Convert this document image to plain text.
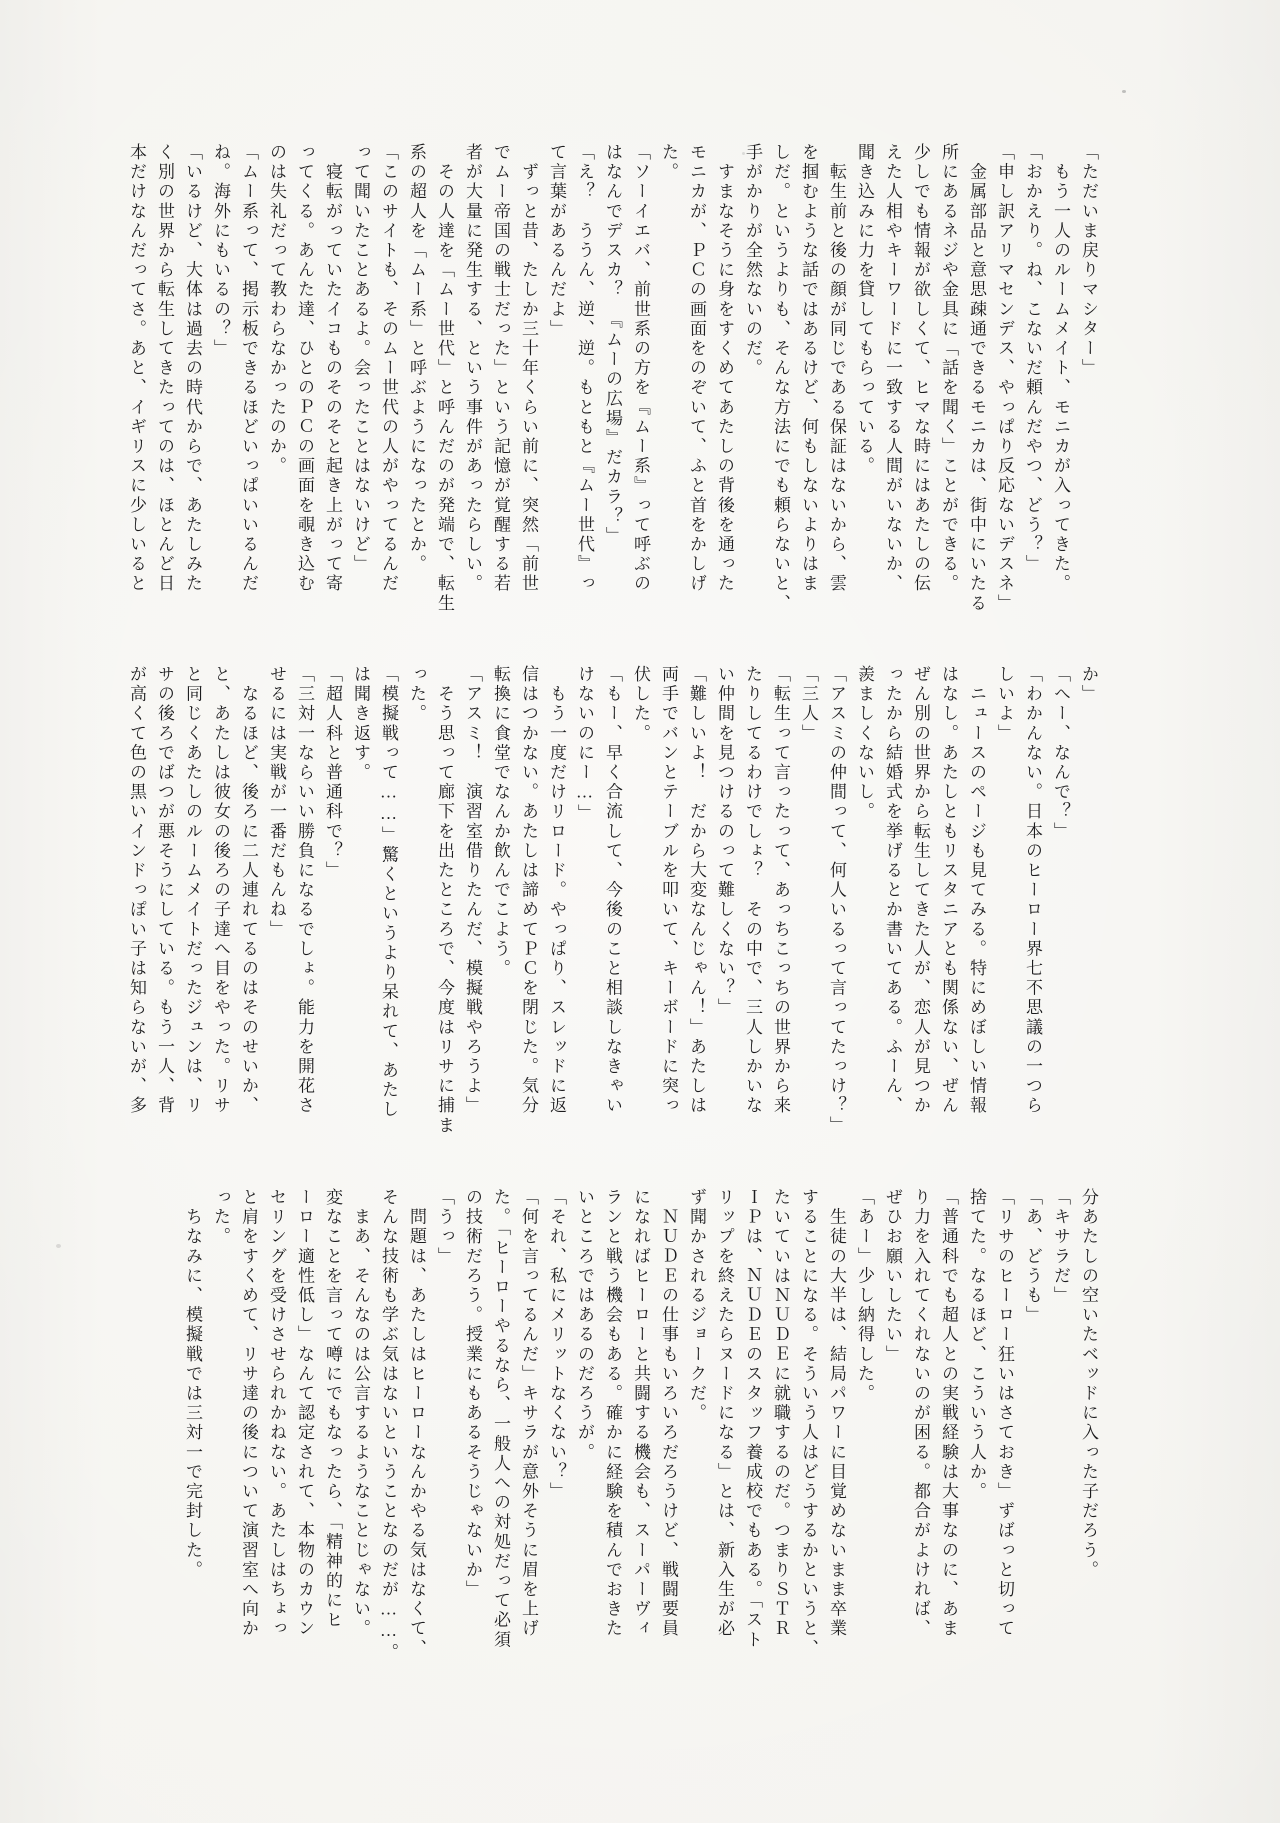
「ただいま戻りマシター」
　もう一人のルームメイト、モニカが入ってきた。
「おかえり。ね、こないだ頼んだやつ、どう？」
「申し訳アリマセンデス、やっぱり反応ないデスネ」
　金属部品と意思疎通できるモニカは、街中にいたる
所にあるネジや金具に「話を聞く」ことができる。
少しでも情報が欲しくて、ヒマな時にはあたしの伝
えた人相やキーワードに一致する人間がいないか、
聞き込みに力を貸してもらっている。
　転生前と後の顔が同じである保証はないから、雲
を掴むような話ではあるけど、何もしないよりはま
しだ。というよりも、そんな方法にでも頼らないと、
手がかりが全然ないのだ。
　すまなそうに身をすくめてあたしの背後を通った
モニカが、ＰＣの画面をのぞいて、ふと首をかしげ
た。
「ソーイエバ、前世系の方を『ムー系』って呼ぶの
はなんでデスカ？　『ムーの広場』だカラ？」
「え？　ううん、逆、逆。もともと『ムー世代』っ
て言葉があるんだよ」
　ずっと昔、たしか三十年くらい前に、突然「前世
でムー帝国の戦士だった」という記憶が覚醒する若
者が大量に発生する、という事件があったらしい。
　その人達を「ムー世代」と呼んだのが発端で、転生
系の超人を「ムー系」と呼ぶようになったとか。
「このサイトも、そのムー世代の人がやってるんだ
って聞いたことあるよ。会ったことはないけど」
　寝転がっていたイコものそのそと起き上がって寄
ってくる。あんた達、ひとのＰＣの画面を覗き込む
のは失礼だって教わらなかったのか。
「ムー系って、掲示板できるほどいっぱいいるんだ
ね。海外にもいるの？」
「いるけど、大体は過去の時代からで、あたしみた
く別の世界から転生してきたってのは、ほとんど日
本だけなんだってさ。あと、イギリスに少しいると
か」
「へー、なんで？」
「わかんない。日本のヒーロー界七不思議の一つら
しいよ」
　ニュースのページも見てみる。特にめぼしい情報
はなし。あたしともリスタニアとも関係ない、ぜん
ぜん別の世界から転生してきた人が、恋人が見つか
ったから結婚式を挙げるとか書いてある。ふーん、
羨ましくないし。
「アスミの仲間って、何人いるって言ってたっけ？」
「三人」
「転生って言ったって、あっちこっちの世界から来
たりしてるわけでしょ？　その中で、三人しかいな
い仲間を見つけるのって難しくない？」
「難しいよ！　だから大変なんじゃん！」あたしは
両手でバンとテーブルを叩いて、キーボードに突っ
伏した。
「もー、早く合流して、今後のこと相談しなきゃい
けないのにー…」
　もう一度だけリロード。やっぱり、スレッドに返
信はつかない。あたしは諦めてＰＣを閉じた。気分
転換に食堂でなんか飲んでこよう。
「アスミ！　演習室借りたんだ、模擬戦やろうよ」
　そう思って廊下を出たところで、今度はリサに捕ま
った。
「模擬戦って……」驚くというより呆れて、あたし
は聞き返す。
「超人科と普通科で？」
「三対一ならいい勝負になるでしょ。能力を開花さ
せるには実戦が一番だもんね」
　なるほど、後ろに二人連れてるのはそのせいか、
と、あたしは彼女の後ろの子達へ目をやった。リサ
と同じくあたしのルームメイトだったジュンは、リ
サの後ろでばつが悪そうにしている。もう一人、背
が高くて色の黒いインドっぽい子は知らないが、多
分あたしの空いたベッドに入った子だろう。
「キサラだ」
「あ、どうも」
「リサのヒーロー狂いはさておき」ずばっと切って
捨てた。なるほど、こういう人か。
「普通科でも超人との実戦経験は大事なのに、あま
り力を入れてくれないのが困る。都合がよければ、
ぜひお願いしたい」
「あー」少し納得した。
　生徒の大半は、結局パワーに目覚めないまま卒業
することになる。そういう人はどうするかというと、
たいていはＮＵＤＥに就職するのだ。つまりＳＴＲ
ＩＰは、ＮＵＤＥのスタッフ養成校でもある。「スト
リップを終えたらヌードになる」とは、新入生が必
ず聞かされるジョークだ。
　ＮＵＤＥの仕事もいろいろだろうけど、戦闘要員
になればヒーローと共闘する機会も、スーパーヴィ
ランと戦う機会もある。確かに経験を積んでおきた
いところではあるのだろうが。
「それ、私にメリットなくない？」
「何を言ってるんだ」キサラが意外そうに眉を上げ
た。「ヒーローやるなら、一般人への対処だって必須
の技術だろう。授業にもあるそうじゃないか」
「うっ」
　問題は、あたしはヒーローなんかやる気はなくて、
そんな技術も学ぶ気はないということなのだが……。
　まあ、そんなのは公言するようなことじゃない。
変なことを言って噂にでもなったら、「精神的にヒ
ーロー適性低し」なんて認定されて、本物のカウン
セリングを受けさせられかねない。あたしはちょっ
と肩をすくめて、リサ達の後について演習室へ向か
った。
　ちなみに、模擬戦では三対一で完封した。
